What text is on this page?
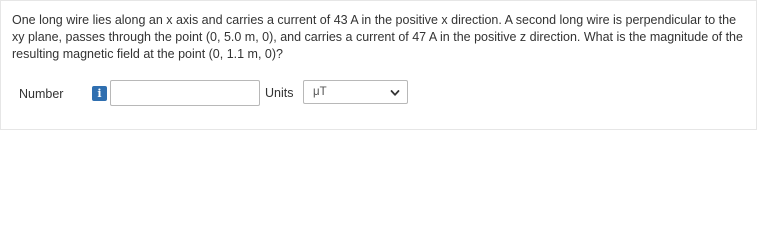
One long wire lies along an x axis and carries a current of 43 A in the positive x direction. A second long wire is perpendicular to the xy plane, passes through the point (0, 5.0 m, 0), and carries a current of 47 A in the positive z direction. What is the magnitude of the resulting magnetic field at the point (0, 1.1 m, 0)?

Number	i	Units μT
